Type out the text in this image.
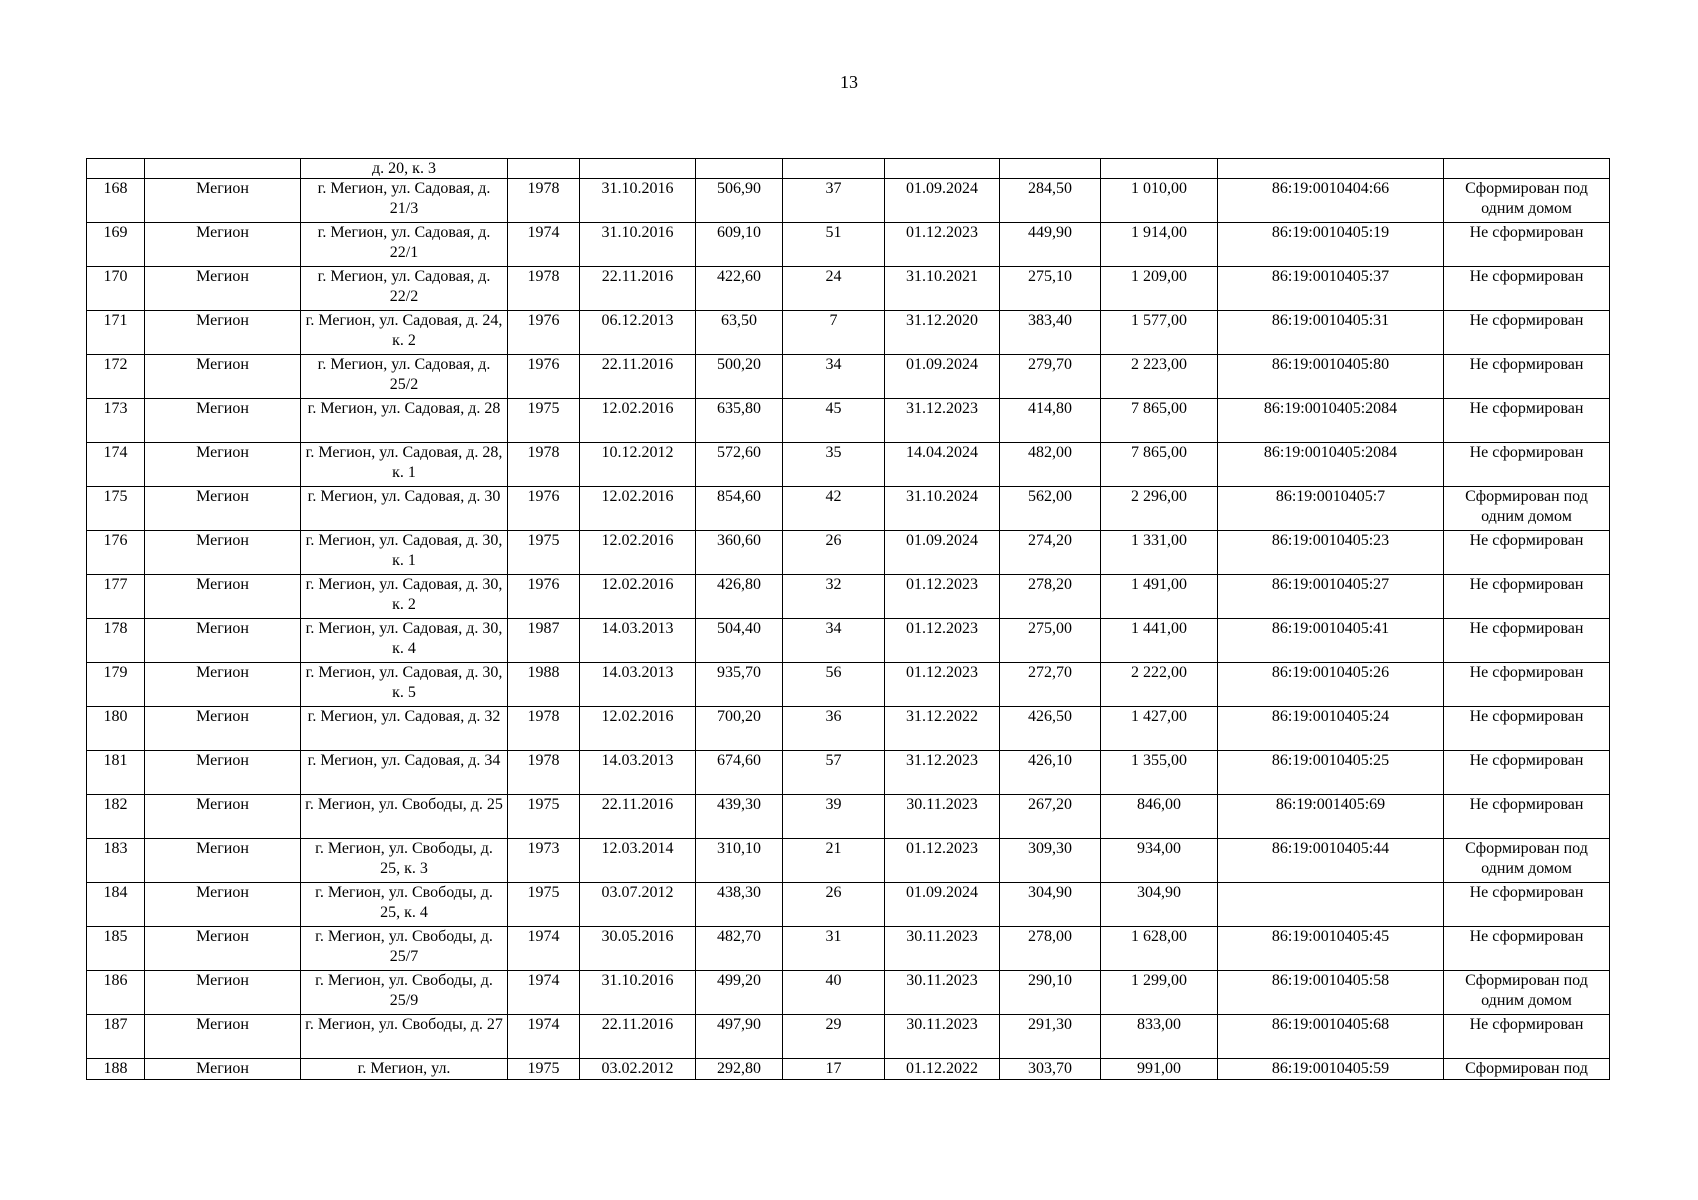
13
		д. 20, к. 3									
168	Мегион	г. Мегион, ул. Садовая, д. 21/3	1978	31.10.2016	506,90	37	01.09.2024	284,50	1 010,00	86:19:0010404:66	Сформирован под одним домом
169	Мегион	г. Мегион, ул. Садовая, д. 22/1	1974	31.10.2016	609,10	51	01.12.2023	449,90	1 914,00	86:19:0010405:19	Не сформирован
170	Мегион	г. Мегион, ул. Садовая, д. 22/2	1978	22.11.2016	422,60	24	31.10.2021	275,10	1 209,00	86:19:0010405:37	Не сформирован
171	Мегион	г. Мегион, ул. Садовая, д. 24, к. 2	1976	06.12.2013	63,50	7	31.12.2020	383,40	1 577,00	86:19:0010405:31	Не сформирован
172	Мегион	г. Мегион, ул. Садовая, д. 25/2	1976	22.11.2016	500,20	34	01.09.2024	279,70	2 223,00	86:19:0010405:80	Не сформирован
173	Мегион	г. Мегион, ул. Садовая, д. 28	1975	12.02.2016	635,80	45	31.12.2023	414,80	7 865,00	86:19:0010405:2084	Не сформирован
174	Мегион	г. Мегион, ул. Садовая, д. 28, к. 1	1978	10.12.2012	572,60	35	14.04.2024	482,00	7 865,00	86:19:0010405:2084	Не сформирован
175	Мегион	г. Мегион, ул. Садовая, д. 30	1976	12.02.2016	854,60	42	31.10.2024	562,00	2 296,00	86:19:0010405:7	Сформирован под одним домом
176	Мегион	г. Мегион, ул. Садовая, д. 30, к. 1	1975	12.02.2016	360,60	26	01.09.2024	274,20	1 331,00	86:19:0010405:23	Не сформирован
177	Мегион	г. Мегион, ул. Садовая, д. 30, к. 2	1976	12.02.2016	426,80	32	01.12.2023	278,20	1 491,00	86:19:0010405:27	Не сформирован
178	Мегион	г. Мегион, ул. Садовая, д. 30, к. 4	1987	14.03.2013	504,40	34	01.12.2023	275,00	1 441,00	86:19:0010405:41	Не сформирован
179	Мегион	г. Мегион, ул. Садовая, д. 30, к. 5	1988	14.03.2013	935,70	56	01.12.2023	272,70	2 222,00	86:19:0010405:26	Не сформирован
180	Мегион	г. Мегион, ул. Садовая, д. 32	1978	12.02.2016	700,20	36	31.12.2022	426,50	1 427,00	86:19:0010405:24	Не сформирован
181	Мегион	г. Мегион, ул. Садовая, д. 34	1978	14.03.2013	674,60	57	31.12.2023	426,10	1 355,00	86:19:0010405:25	Не сформирован
182	Мегион	г. Мегион, ул. Свободы, д. 25	1975	22.11.2016	439,30	39	30.11.2023	267,20	846,00	86:19:001405:69	Не сформирован
183	Мегион	г. Мегион, ул. Свободы, д. 25, к. 3	1973	12.03.2014	310,10	21	01.12.2023	309,30	934,00	86:19:0010405:44	Сформирован под одним домом
184	Мегион	г. Мегион, ул. Свободы, д. 25, к. 4	1975	03.07.2012	438,30	26	01.09.2024	304,90	304,90		Не сформирован
185	Мегион	г. Мегион, ул. Свободы, д. 25/7	1974	30.05.2016	482,70	31	30.11.2023	278,00	1 628,00	86:19:0010405:45	Не сформирован
186	Мегион	г. Мегион, ул. Свободы, д. 25/9	1974	31.10.2016	499,20	40	30.11.2023	290,10	1 299,00	86:19:0010405:58	Сформирован под одним домом
187	Мегион	г. Мегион, ул. Свободы, д. 27	1974	22.11.2016	497,90	29	30.11.2023	291,30	833,00	86:19:0010405:68	Не сформирован
188	Мегион	г. Мегион, ул.	1975	03.02.2012	292,80	17	01.12.2022	303,70	991,00	86:19:0010405:59	Сформирован под
